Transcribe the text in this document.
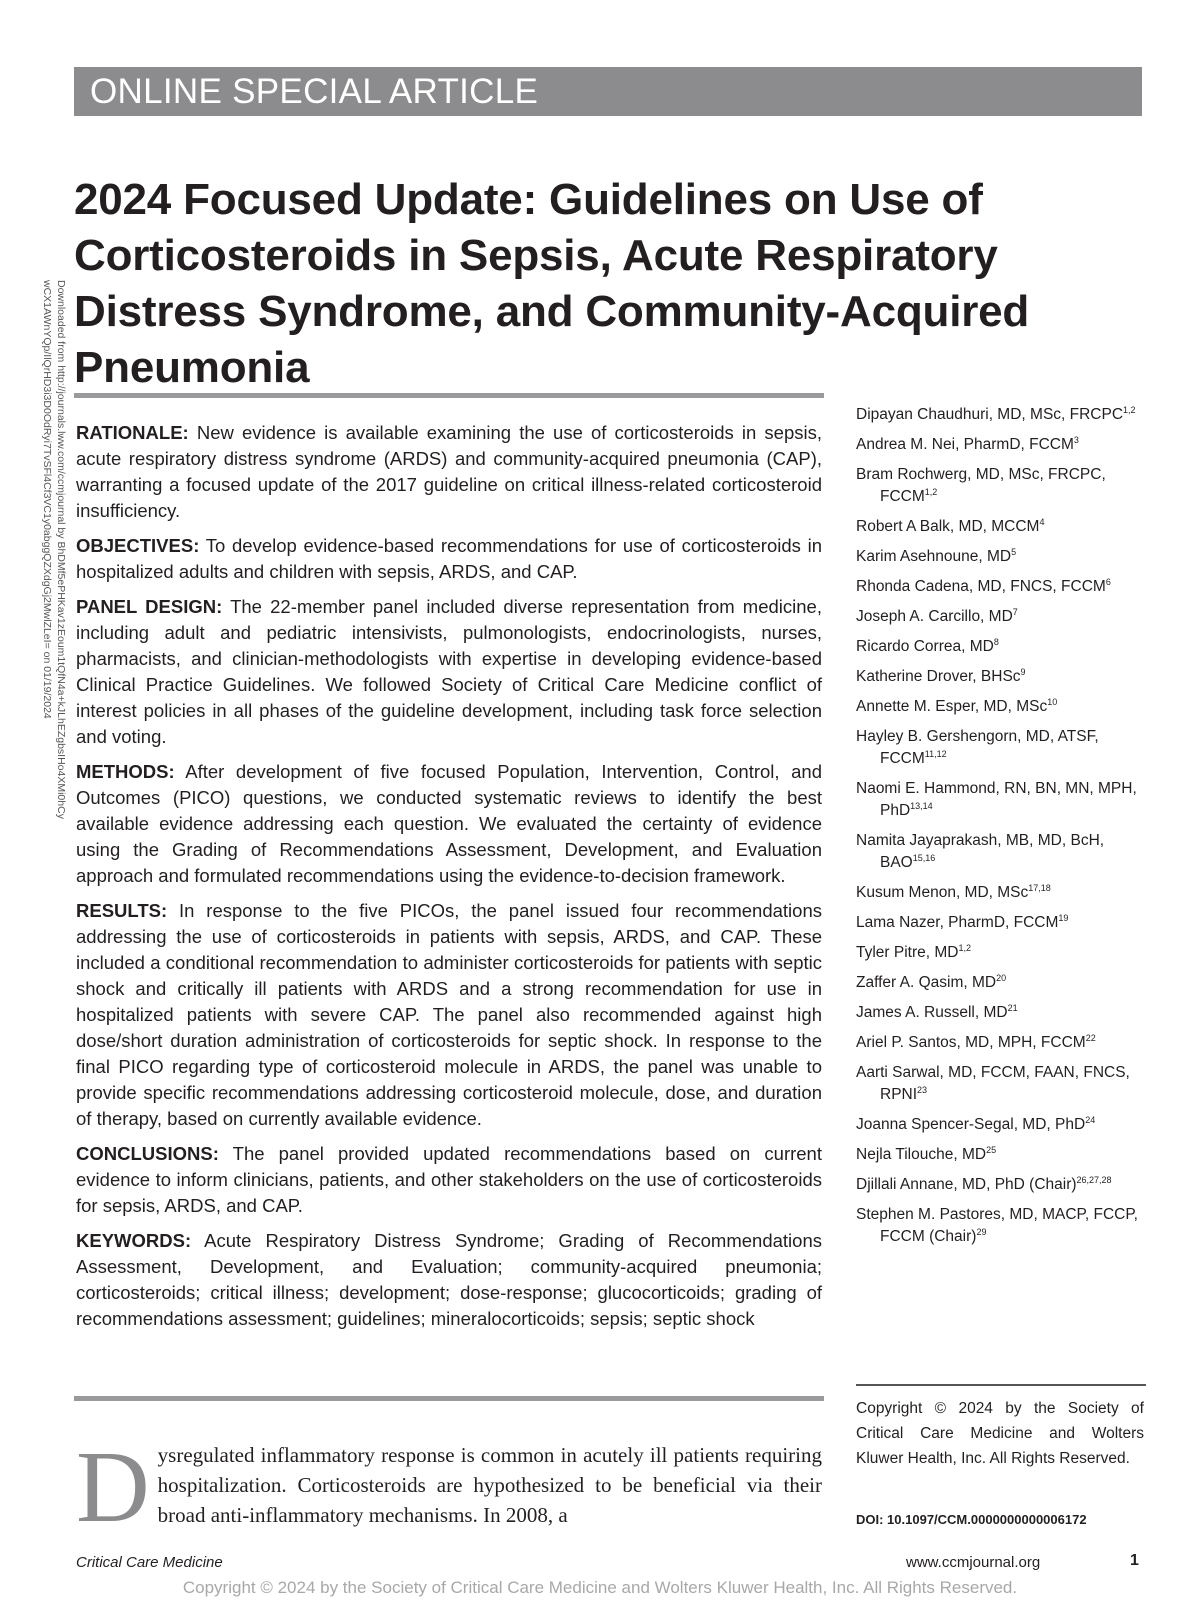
ONLINE SPECIAL ARTICLE
2024 Focused Update: Guidelines on Use of Corticosteroids in Sepsis, Acute Respiratory Distress Syndrome, and Community-Acquired Pneumonia
Downloaded from http://journals.lww.com/ccmjournal by BhDMf5ePHKav1zEoum1tQfN4a+kJLhEZgbsIHo4XMi0hCy
wCX1AWnYQp/IlQrHD3i3D0OdRyi7TvSFl4Cf3VC1y0abggQZXdgGj2MwlZLeI= on 01/19/2024 RATIONALE: New evidence is available examining the use of corticosteroids in sepsis, acute respiratory distress syndrome (ARDS) and community-acquired pneumonia (CAP), warranting a focused update of the 2017 guideline on critical illness-related corticosteroid insufficiency.

OBJECTIVES: To develop evidence-based recommendations for use of corticosteroids in hospitalized adults and children with sepsis, ARDS, and CAP.

PANEL DESIGN: The 22-member panel included diverse representation from medicine, including adult and pediatric intensivists, pulmonologists, endocrinologists, nurses, pharmacists, and clinician-methodologists with expertise in developing evidence-based Clinical Practice Guidelines. We followed Society of Critical Care Medicine conflict of interest policies in all phases of the guideline development, including task force selection and voting.

METHODS: After development of five focused Population, Intervention, Control, and Outcomes (PICO) questions, we conducted systematic reviews to identify the best available evidence addressing each question. We evaluated the certainty of evidence using the Grading of Recommendations Assessment, Development, and Evaluation approach and formulated recommendations using the evidence-to-decision framework.

RESULTS: In response to the five PICOs, the panel issued four recommendations addressing the use of corticosteroids in patients with sepsis, ARDS, and CAP. These included a conditional recommendation to administer corticosteroids for patients with septic shock and critically ill patients with ARDS and a strong recommendation for use in hospitalized patients with severe CAP. The panel also recommended against high dose/short duration administration of corticosteroids for septic shock. In response to the final PICO regarding type of corticosteroid molecule in ARDS, the panel was unable to provide specific recommendations addressing corticosteroid molecule, dose, and duration of therapy, based on currently available evidence.

CONCLUSIONS: The panel provided updated recommendations based on current evidence to inform clinicians, patients, and other stakeholders on the use of corticosteroids for sepsis, ARDS, and CAP.

KEYWORDS: Acute Respiratory Distress Syndrome; Grading of Recommendations Assessment, Development, and Evaluation; community-acquired pneumonia; corticosteroids; critical illness; development; dose-response; glucocorticoids; grading of recommendations assessment; guidelines; mineralocorticoids; sepsis; septic shock

Dipayan Chaudhuri, MD, MSc, FRCPC$^{1,2}$
Andrea M. Nei, PharmD, FCCM$^3$
Bram Rochwerg, MD, MSc, FRCPC, FCCM$^{1,2}$
Robert A Balk, MD, MCCM$^4$
Karim Asehnoune, $MD^5$
Rhonda Cadena, MD, FNCS, FCCM$^6$
Joseph A. Carcillo, $MD^7$
Ricardo Correa, $MD^8$
Katherine Drover, BHSc$^9$
Annette M. Esper, MD, MSc$^{10}$
Hayley B. Gershengorn, MD, ATSF, FCCM$^{11,12}$
Naomi E. Hammond, RN, BN, MN, MPH, PhD$^{13,14}$
Namita Jayaprakash, MB, MD, BcH, BAO$^{15,16}$
Kusum Menon, MD, MSc$^{17,18}$
Lama Nazer, PharmD, FCCM$^{19}$
Tyler Pitre, MD$^{1,2}$
Zaffer A. Qasim, MD$^{20}$
James A. Russell, MD$^{21}$
Ariel P. Santos, MD, MPH, FCCM$^{22}$
Aarti Sarwal, MD, FCCM, FAAN, FNCS, RPNI$^{23}$
Joanna Spencer-Segal, MD, PhD$^{24}$
Nejla Tilouche, MD$^{25}$
Djillali Annane, MD, PhD (Chair)$^{26,27,28}$
Stephen M. Pastores, MD, MACP, FCCP, FCCM (Chair)$^{29}$
Copyright © 2024 by the Society of Critical Care Medicine and Wolters Kluwer Health, Inc. All Rights Reserved.
DOI: 10.1097/CCM.0000000000006172
Dysregulated inflammatory response is common in acutely ill patients requiring hospitalization. Corticosteroids are hypothesized to be beneficial via their broad anti-inflammatory mechanisms. In 2008, a
Critical Care Medicine	www.ccmjournal.org	1
Copyright © 2024 by the Society of Critical Care Medicine and Wolters Kluwer Health, Inc. All Rights Reserved.
